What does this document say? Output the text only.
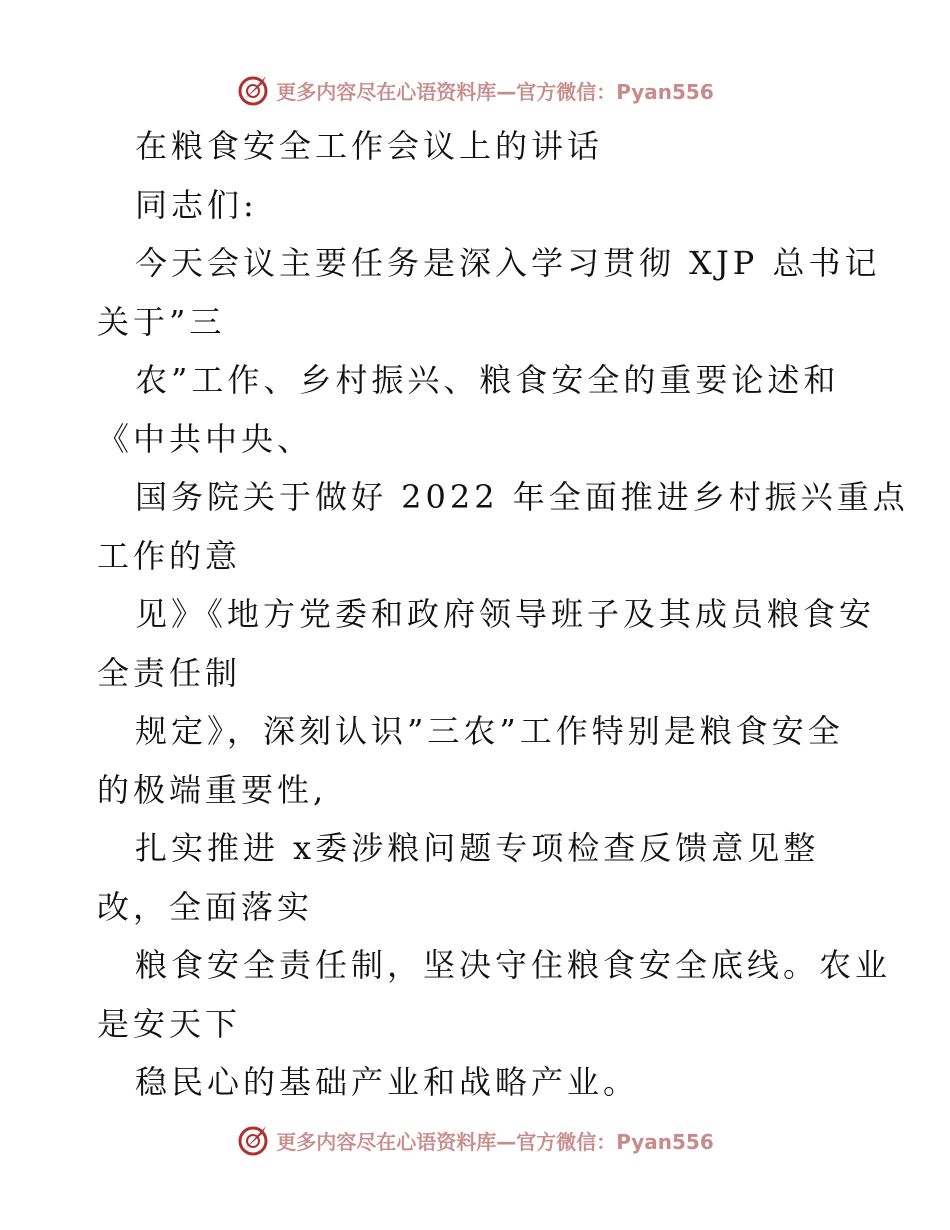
更多内容尽在心语资料库—官方微信：Pyan556
在粮食安全工作会议上的讲话
同志们:
今天会议主要任务是深入学习贯彻 XJP 总书记
关于”三
农”工作、乡村振兴、粮食安全的重要论述和
《中共中央、
国务院关于做好 2022 年全面推进乡村振兴重点
工作的意
见》《地方党委和政府领导班子及其成员粮食安
全责任制
规定》，深刻认识”三农”工作特别是粮食安全
的极端重要性,
扎实推进 x委涉粮问题专项检查反馈意见整
改，全面落实
粮食安全责任制，坚决守住粮食安全底线。农业
是安天下
稳民心的基础产业和战略产业。
更多内容尽在心语资料库—官方微信：Pyan556
